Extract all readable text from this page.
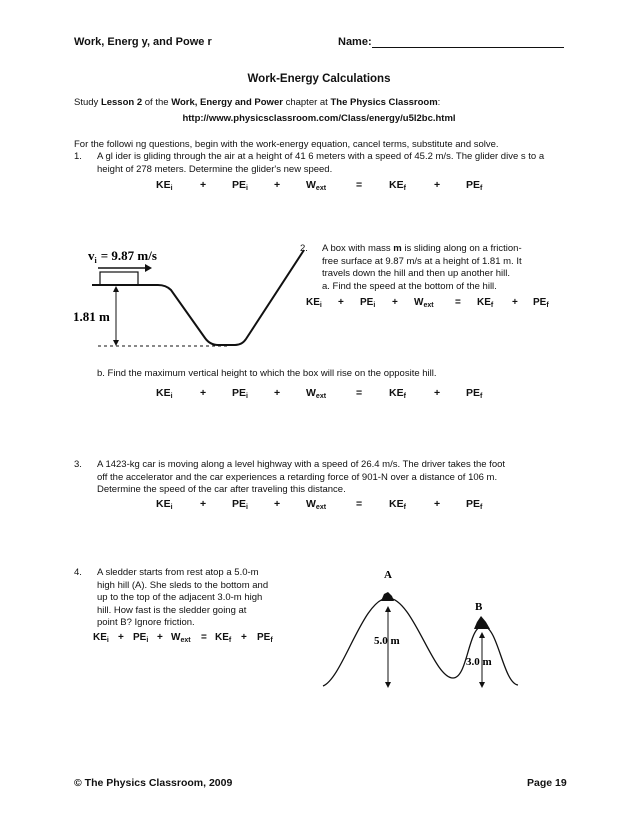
Work, Energ y, and Powe r	Name:
Work-Energy Calculations
Study Lesson 2 of the Work, Energy and Power chapter at The Physics Classroom:
http://www.physicsclassroom.com/Class/energy/u5l2bc.html
For the followi ng questions, begin with the work-energy equation, cancel terms, substitute and solve.
1. A gl ider is gliding through the air at a height of 41 6 meters with a speed of 45.2 m/s. The glider dive s to a height of 278 meters. Determine the glider's new speed.
$KE_i$	+ $PE_i + W_{ext}$	=	$KE_f$	+ $PE_f$
$v_i = 9.87$ m/s
1.81 m
2. A box with mass m is sliding along on a friction-
free surface at 9.87 m/s at a height of 1.81 m. It
travels down the hill and then up another hill.
a. Find the speed at the bottom of the hill.
$KE_i + PE_i + W_{ext} = KE_f + PE_f$
b. Find the maximum vertical height to which the box will rise on the opposite hill.
$KE_i$	+ $PE_i + W_{ext}$	=	$KE_f$	+ $PE_f$
3. A 1423-kg car is moving along a level highway with a speed of 26.4 m/s. The driver takes the foot
off the accelerator and the car experiences a retarding force of 901-N over a distance of 106 m.
Determine the speed of the car after traveling this distance.
$KE_i$	+ $PE_i + W_{ext}$	=	$KE_f$	+ $PE_f$
4. A sledder starts from rest atop a 5.0-m
high hill (A). She sleds to the bottom and
up to the top of the adjacent 3.0-m high
hill. How fast is the sledder going at
point B? Ignore friction.
$KE_i + PE_i + W_{ext} = KE_f + PE_f$
A
B
5.0 m
3.0 m
© The Physics Classroom, 2009	Page 19
